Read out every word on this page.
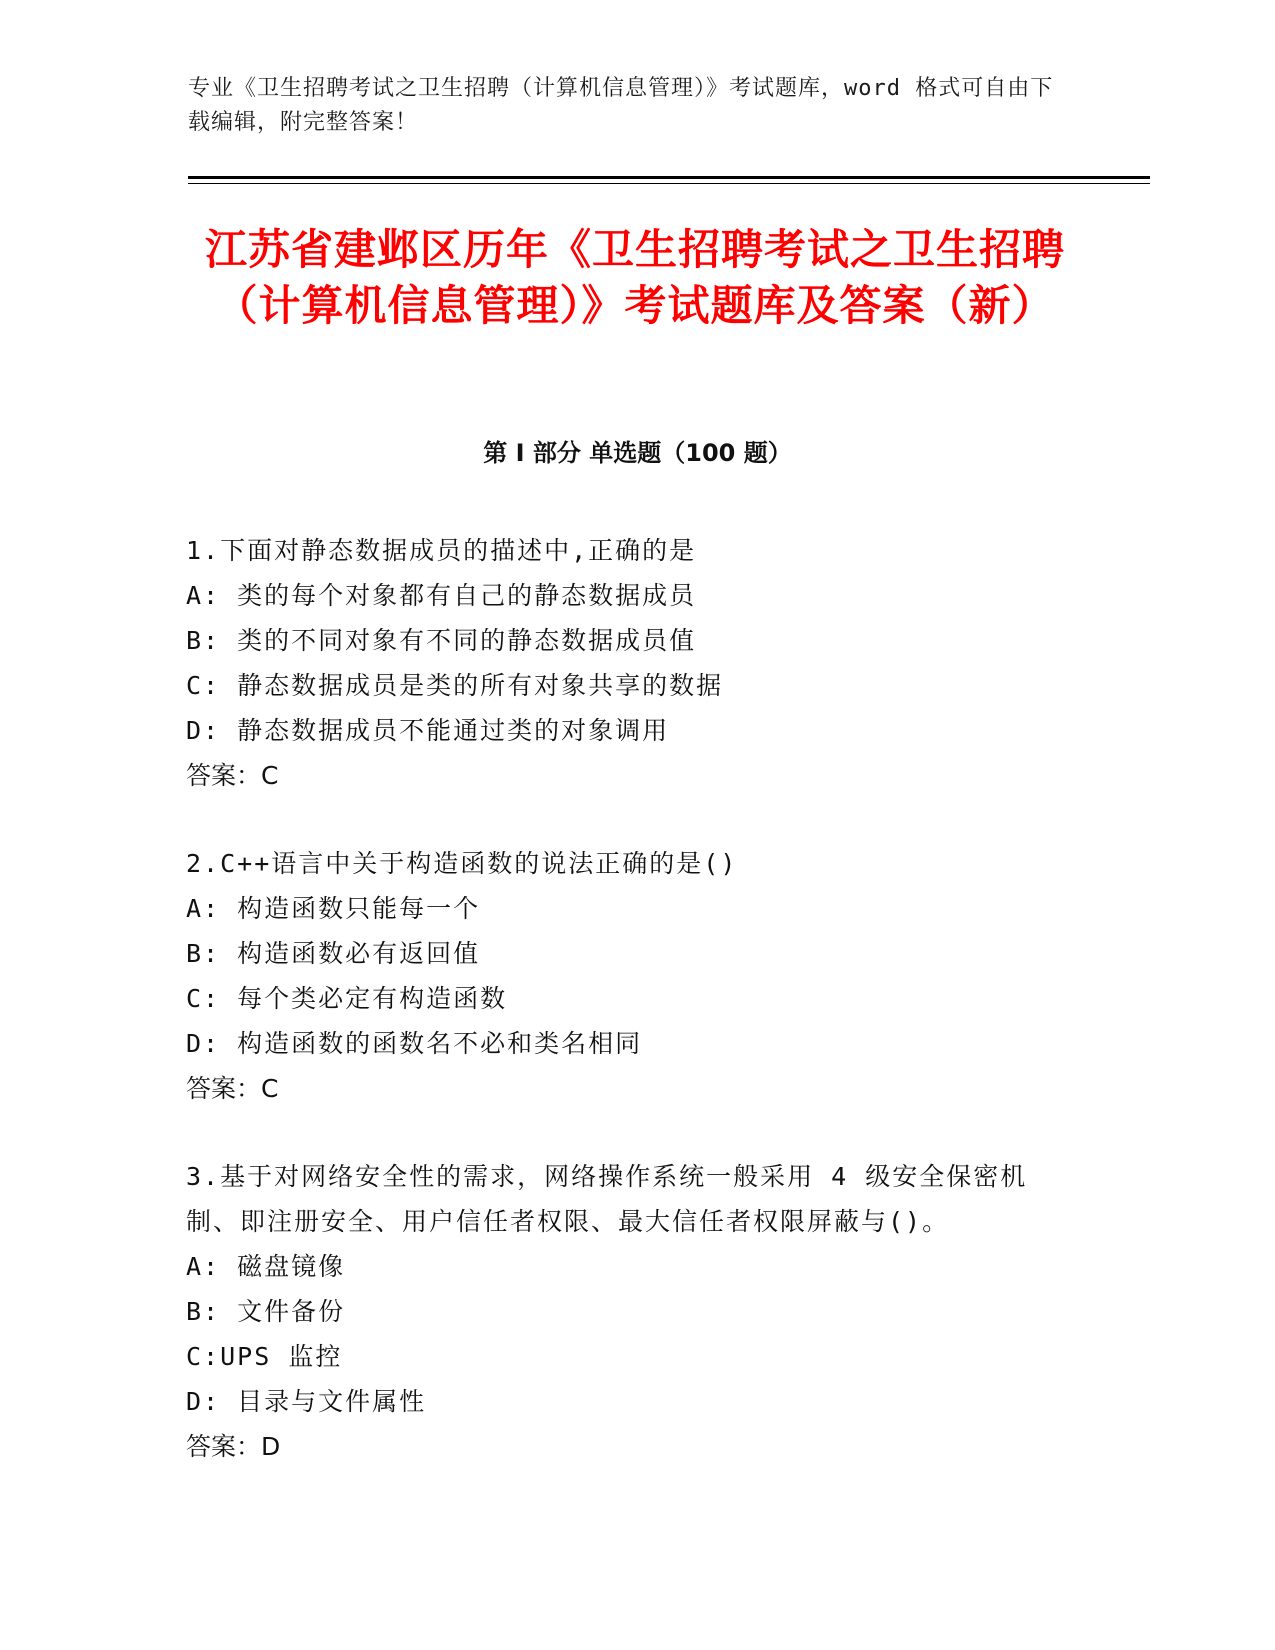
专业《卫生招聘考试之卫生招聘（计算机信息管理）》考试题库，word 格式可自由下载编辑，附完整答案！
江苏省建邺区历年《卫生招聘考试之卫生招聘（计算机信息管理）》考试题库及答案（新）
第 I 部分 单选题（100 题）
1.下面对静态数据成员的描述中,正确的是
A: 类的每个对象都有自己的静态数据成员
B: 类的不同对象有不同的静态数据成员值
C: 静态数据成员是类的所有对象共享的数据
D: 静态数据成员不能通过类的对象调用
答案：C
2.C++语言中关于构造函数的说法正确的是()
A: 构造函数只能每一个
B: 构造函数必有返回值
C: 每个类必定有构造函数
D: 构造函数的函数名不必和类名相同
答案：C
3.基于对网络安全性的需求，网络操作系统一般采用 4 级安全保密机制、即注册安全、用户信任者权限、最大信任者权限屏蔽与()。
A: 磁盘镜像
B: 文件备份
C:UPS 监控
D: 目录与文件属性
答案：D
